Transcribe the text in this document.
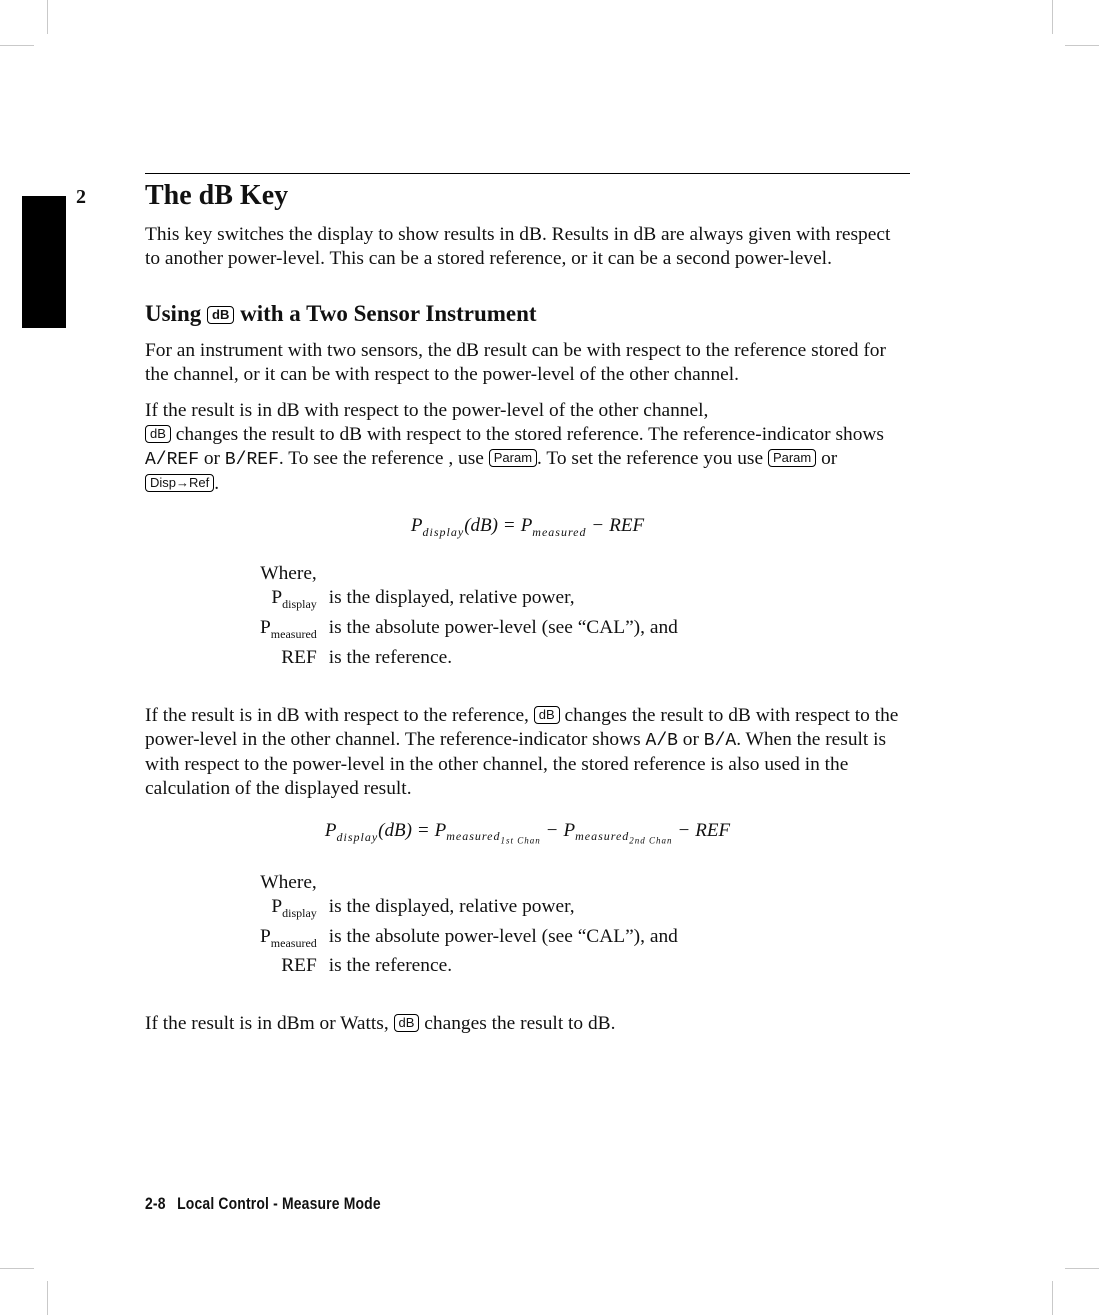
2 The dB Key

This key switches the display to show results in dB. Results in dB are always given with respect to another power-level. This can be a stored reference, or it can be a second power-level.

Using dB with a Two Sensor Instrument

For an instrument with two sensors, the dB result can be with respect to the reference stored for the channel, or it can be with respect to the power-level of the other channel.

If the result is in dB with respect to the power-level of the other channel,
dB changes the result to dB with respect to the stored reference. The reference-indicator shows A/REF or B/REF. To see the reference , use Param . To set the reference you use Param or Disp→Ref .

$P_{display}(dB) = P_{measured}$ − REF
Where,	
$P_{display}$	is the displayed, relative power,
$P_{measured}$	is the absolute power-level (see “CAL”), and
REF	is the reference.

If the result is in dB with respect to the reference, dB changes the result to dB with respect to the power-level in the other channel. The reference-indicator shows A/B or B/A. When the result is with respect to the power-level in the other channel, the stored reference is also used in the calculation of the displayed result.

$P_{display}(dB) = P_{measured_{1st Chan}}- P_{measured_{2nd Chan}}-$ REF
Where,	
$P_{display}$	is the displayed, relative power,
$P_{measured}$	is the absolute power-level (see “CAL”), and
REF	is the reference.

If the result is in dBm or Watts, dB changes the result to dB.

2-8 Local Control - Measure Mode
